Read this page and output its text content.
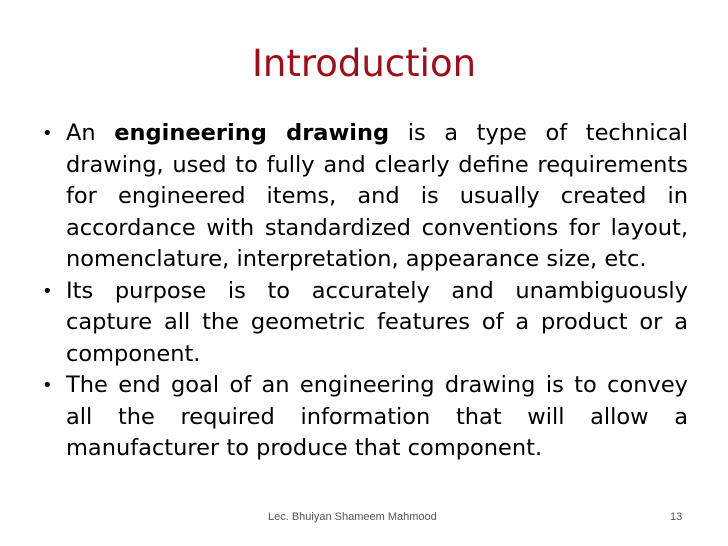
Introduction
• An engineering drawing is a type of technical drawing, used to fully and clearly define requirements for engineered items, and is usually created in accordance with standardized conventions for layout, nomenclature, interpretation, appearance size, etc.
• Its purpose is to accurately and unambiguously capture all the geometric features of a product or a component.
• The end goal of an engineering drawing is to convey all the required information that will allow a manufacturer to produce that component.
Lec. Bhuiyan Shameem Mahmood	13
